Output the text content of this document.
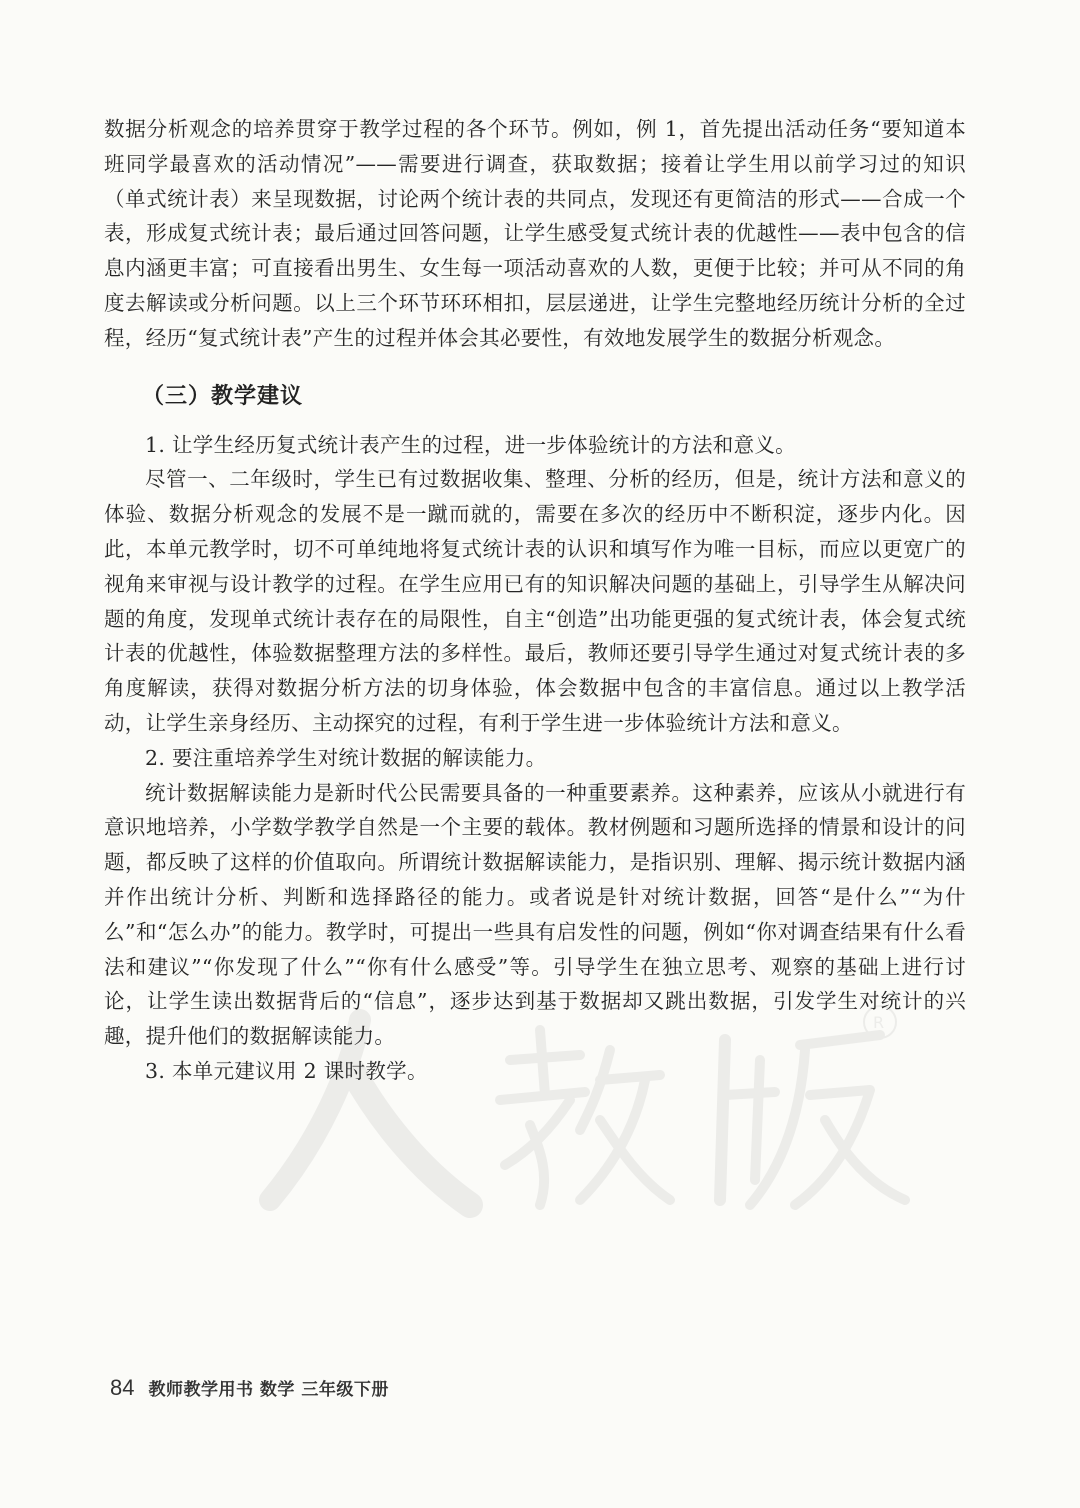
R

数据分析观念的培养贯穿于教学过程的各个环节。例如，例 1，首先提出活动任务“要知道本班同学最喜欢的活动情况”——需要进行调查，获取数据；接着让学生用以前学习过的知识（单式统计表）来呈现数据，讨论两个统计表的共同点，发现还有更简洁的形式——合成一个表，形成复式统计表；最后通过回答问题，让学生感受复式统计表的优越性——表中包含的信息内涵更丰富；可直接看出男生、女生每一项活动喜欢的人数，更便于比较；并可从不同的角度去解读或分析问题。以上三个环节环环相扣，层层递进，让学生完整地经历统计分析的全过程，经历“复式统计表”产生的过程并体会其必要性，有效地发展学生的数据分析观念。

（三）教学建议

1. 让学生经历复式统计表产生的过程，进一步体验统计的方法和意义。

尽管一、二年级时，学生已有过数据收集、整理、分析的经历，但是，统计方法和意义的体验、数据分析观念的发展不是一蹴而就的，需要在多次的经历中不断积淀，逐步内化。因此，本单元教学时，切不可单纯地将复式统计表的认识和填写作为唯一目标，而应以更宽广的视角来审视与设计教学的过程。在学生应用已有的知识解决问题的基础上，引导学生从解决问题的角度，发现单式统计表存在的局限性，自主“创造”出功能更强的复式统计表，体会复式统计表的优越性，体验数据整理方法的多样性。最后，教师还要引导学生通过对复式统计表的多角度解读，获得对数据分析方法的切身体验，体会数据中包含的丰富信息。通过以上教学活动，让学生亲身经历、主动探究的过程，有利于学生进一步体验统计方法和意义。

2. 要注重培养学生对统计数据的解读能力。

统计数据解读能力是新时代公民需要具备的一种重要素养。这种素养，应该从小就进行有意识地培养，小学数学教学自然是一个主要的载体。教材例题和习题所选择的情景和设计的问题，都反映了这样的价值取向。所谓统计数据解读能力，是指识别、理解、揭示统计数据内涵并作出统计分析、判断和选择路径的能力。或者说是针对统计数据，回答“是什么”“为什么”和“怎么办”的能力。教学时，可提出一些具有启发性的问题，例如“你对调查结果有什么看法和建议”“你发现了什么”“你有什么感受”等。引导学生在独立思考、观察的基础上进行讨论，让学生读出数据背后的“信息”，逐步达到基于数据却又跳出数据，引发学生对统计的兴趣，提升他们的数据解读能力。

3. 本单元建议用 2 课时教学。

84 教师教学用书 数学 三年级下册
